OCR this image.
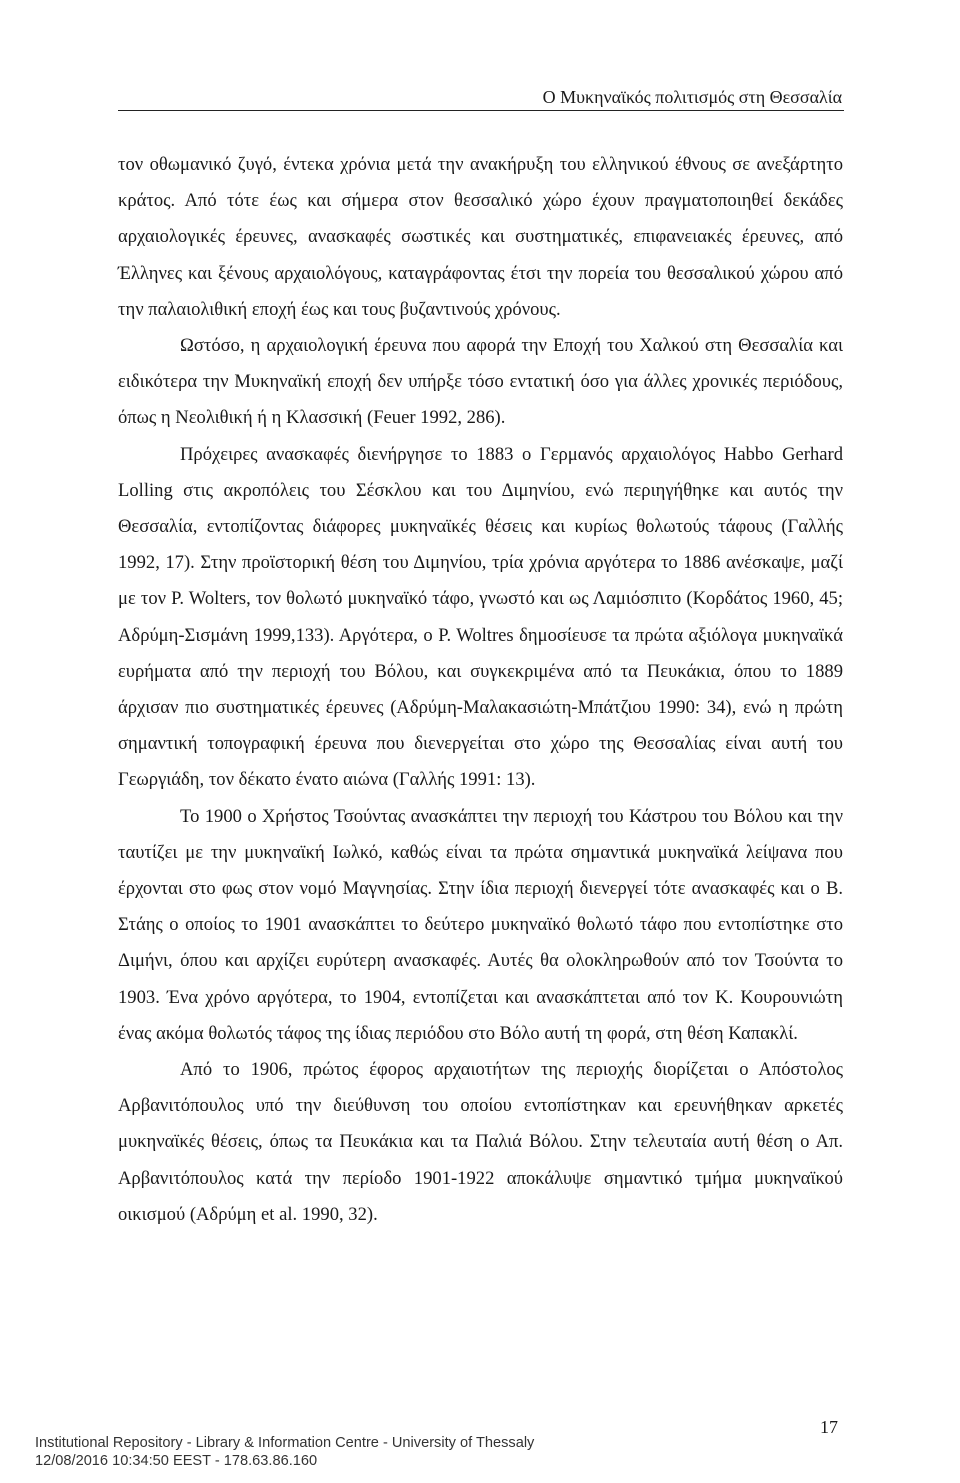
Ο Μυκηναϊκός πολιτισμός στη Θεσσαλία

τον οθωμανικό ζυγό, έντεκα χρόνια μετά την ανακήρυξη του ελληνικού έθνους σε ανεξάρτητο κράτος. Από τότε έως και σήμερα στον θεσσαλικό χώρο έχουν πραγματοποιηθεί δεκάδες αρχαιολογικές έρευνες, ανασκαφές σωστικές και συστηματικές, επιφανειακές έρευνες, από Έλληνες και ξένους αρχαιολόγους, καταγράφοντας έτσι την πορεία του θεσσαλικού χώρου από την παλαιολιθική εποχή έως και τους βυζαντινούς χρόνους.

Ωστόσο, η αρχαιολογική έρευνα που αφορά την Εποχή του Χαλκού στη Θεσσαλία και ειδικότερα την Μυκηναϊκή εποχή δεν υπήρξε τόσο εντατική όσο για άλλες χρονικές περιόδους, όπως η Νεολιθική ή η Κλασσική (Feuer 1992, 286).

Πρόχειρες ανασκαφές διενήργησε το 1883 ο Γερμανός αρχαιολόγος Habbo Gerhard Lolling στις ακροπόλεις του Σέσκλου και του Διμηνίου, ενώ περιηγήθηκε και αυτός την Θεσσαλία, εντοπίζοντας διάφορες μυκηναϊκές θέσεις και κυρίως θολωτούς τάφους (Γαλλής 1992, 17). Στην προϊστορική θέση του Διμηνίου, τρία χρόνια αργότερα το 1886 ανέσκαψε, μαζί με τον P. Wolters, τον θολωτό μυκηναϊκό τάφο, γνωστό και ως Λαμιόσπιτο (Κορδάτος 1960, 45; Αδρύμη-Σισμάνη 1999,133). Αργότερα, ο P. Woltres δημοσίευσε τα πρώτα αξιόλογα μυκηναϊκά ευρήματα από την περιοχή του Βόλου, και συγκεκριμένα από τα Πευκάκια, όπου το 1889 άρχισαν πιο συστηματικές έρευνες (Αδρύμη-Μαλακασιώτη-Μπάτζιου 1990: 34), ενώ η πρώτη σημαντική τοπογραφική έρευνα που διενεργείται στο χώρο της Θεσσαλίας είναι αυτή του Γεωργιάδη, τον δέκατο ένατο αιώνα (Γαλλής 1991: 13).

Το 1900 ο Χρήστος Τσούντας ανασκάπτει την περιοχή του Κάστρου του Βόλου και την ταυτίζει με την μυκηναϊκή Ιωλκό, καθώς είναι τα πρώτα σημαντικά μυκηναϊκά λείψανα που έρχονται στο φως στον νομό Μαγνησίας. Στην ίδια περιοχή διενεργεί τότε ανασκαφές και ο Β. Στάης ο οποίος το 1901 ανασκάπτει το δεύτερο μυκηναϊκό θολωτό τάφο που εντοπίστηκε στο Διμήνι, όπου και αρχίζει ευρύτερη ανασκαφές. Αυτές θα ολοκληρωθούν από τον Τσούντα το 1903. Ένα χρόνο αργότερα, το 1904, εντοπίζεται και ανασκάπτεται από τον Κ. Κουρουνιώτη ένας ακόμα θολωτός τάφος της ίδιας περιόδου στο Βόλο αυτή τη φορά, στη θέση Καπακλί.

Από το 1906, πρώτος έφορος αρχαιοτήτων της περιοχής διορίζεται ο Απόστολος Αρβανιτόπουλος υπό την διεύθυνση του οποίου εντοπίστηκαν και ερευνήθηκαν αρκετές μυκηναϊκές θέσεις, όπως τα Πευκάκια και τα Παλιά Βόλου. Στην τελευταία αυτή θέση ο Απ. Αρβανιτόπουλος κατά την περίοδο 1901-1922 αποκάλυψε σημαντικό τμήμα μυκηναϊκού οικισμού (Αδρύμη et al. 1990, 32).

17
Institutional Repository - Library & Information Centre - University of Thessaly
12/08/2016 10:34:50 EEST - 178.63.86.160
